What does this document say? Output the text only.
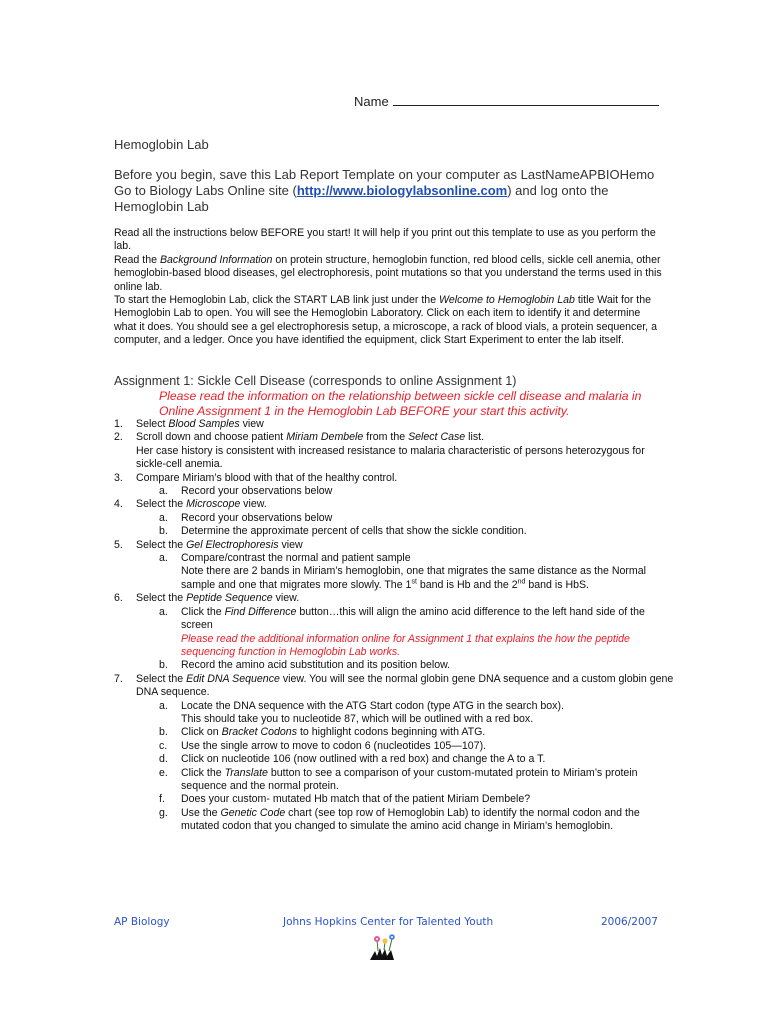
Name
Hemoglobin Lab
Before you begin, save this Lab Report Template on your computer as LastNameAPBIOHemo
Go to Biology Labs Online site (http://www.biologylabsonline.com) and log onto the
Hemoglobin Lab

Read all the instructions below BEFORE you start! It will help if you print out this template to use as you perform the lab.

Read the Background Information on protein structure, hemoglobin function, red blood cells, sickle cell anemia, other hemoglobin-based blood diseases, gel electrophoresis, point mutations so that you understand the terms used in this online lab.

To start the Hemoglobin Lab, click the START LAB link just under the Welcome to Hemoglobin Lab title Wait for the Hemoglobin Lab to open. You will see the Hemoglobin Laboratory. Click on each item to identify it and determine what it does. You should see a gel electrophoresis setup, a microscope, a rack of blood vials, a protein sequencer, a computer, and a ledger. Once you have identified the equipment, click Start Experiment to enter the lab itself.

Assignment 1: Sickle Cell Disease (corresponds to online Assignment 1)
Please read the information on the relationship between sickle cell disease and malaria in Online Assignment 1 in the Hemoglobin Lab BEFORE your start this activity.
1.	Select Blood Samples view
2.	Scroll down and choose patient Miriam Dembele from the Select Case list.
Her case history is consistent with increased resistance to malaria characteristic of persons heterozygous for sickle-cell anemia.
3.	Compare Miriam’s blood with that of the healthy control.
a.	Record your observations below
4.	Select the Microscope view.
a.	Record your observations below
b.	Determine the approximate percent of cells that show the sickle condition.
5.	Select the Gel Electrophoresis view
a.	Compare/contrast the normal and patient sample
Note there are 2 bands in Miriam’s hemoglobin, one that migrates the same distance as the Normal sample and one that migrates more slowly. The 1st band is Hb and the 2nd band is HbS.
6.	Select the Peptide Sequence view.
a.	Click the Find Difference button…this will align the amino acid difference to the left hand side of the screen
Please read the additional information online for Assignment 1 that explains the how the peptide sequencing function in Hemoglobin Lab works.
b.	Record the amino acid substitution and its position below.
7.	Select the Edit DNA Sequence view. You will see the normal globin gene DNA sequence and a custom globin gene DNA sequence.
a.	Locate the DNA sequence with the ATG Start codon (type ATG in the search box).
This should take you to nucleotide 87, which will be outlined with a red box.
b.	Click on Bracket Codons to highlight codons beginning with ATG.
c.	Use the single arrow to move to codon 6 (nucleotides 105—107).
d.	Click on nucleotide 106 (now outlined with a red box) and change the A to a T.
e.	Click the Translate button to see a comparison of your custom-mutated protein to Miriam’s protein sequence and the normal protein.
f.	Does your custom- mutated Hb match that of the patient Miriam Dembele?
g.	Use the Genetic Code chart (see top row of Hemoglobin Lab) to identify the normal codon and the mutated codon that you changed to simulate the amino acid change in Miriam’s hemoglobin.
AP Biology	Johns Hopkins Center for Talented Youth	2006/2007
